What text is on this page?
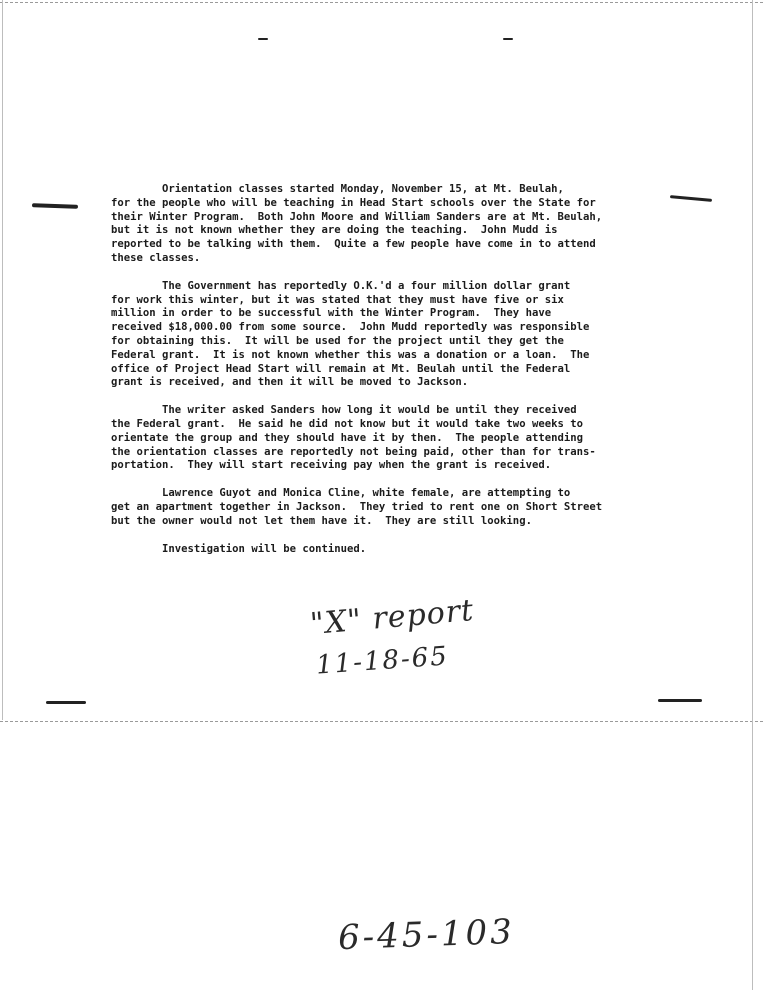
Orientation classes started Monday, November 15, at Mt. Beulah,
for the people who will be teaching in Head Start schools over the State for
their Winter Program.  Both John Moore and William Sanders are at Mt. Beulah,
but it is not known whether they are doing the teaching.  John Mudd is
reported to be talking with them.  Quite a few people have come in to attend
these classes.

The Government has reportedly O.K.'d a four million dollar grant
for work this winter, but it was stated that they must have five or six
million in order to be successful with the Winter Program.  They have
received $18,000.00 from some source.  John Mudd reportedly was responsible
for obtaining this.  It will be used for the project until they get the
Federal grant.  It is not known whether this was a donation or a loan.  The
office of Project Head Start will remain at Mt. Beulah until the Federal
grant is received, and then it will be moved to Jackson.

The writer asked Sanders how long it would be until they received
the Federal grant.  He said he did not know but it would take two weeks to
orientate the group and they should have it by then.  The people attending
the orientation classes are reportedly not being paid, other than for trans-
portation.  They will start receiving pay when the grant is received.

Lawrence Guyot and Monica Cline, white female, are attempting to
get an apartment together in Jackson.  They tried to rent one on Short Street
but the owner would not let them have it.  They are still looking.

Investigation will be continued.

"X" report
11-18-65
6-45-103
